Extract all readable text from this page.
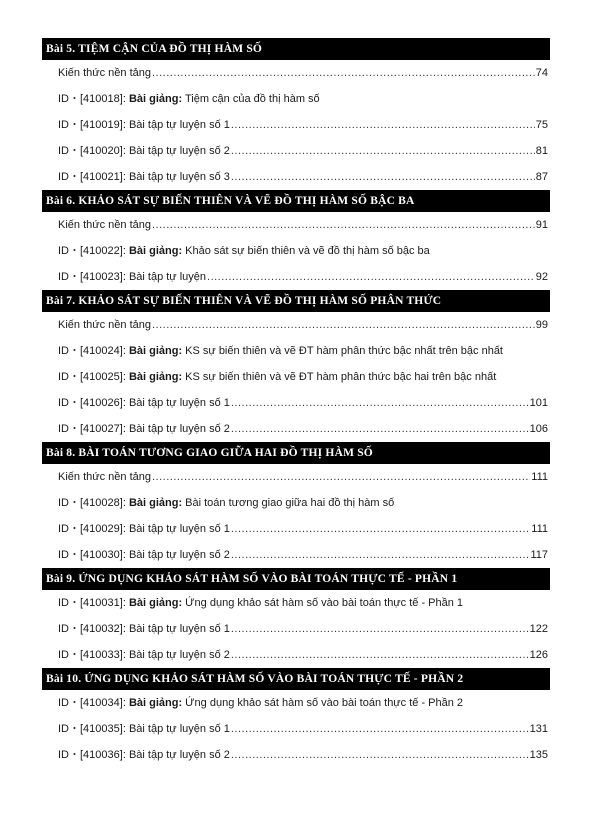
Bài 5. TIỆM CẬN CỦA ĐỒ THỊ HÀM SỐ
Kiến thức nền tảng .....	74
ID・[410018]: Bài giảng: Tiệm cận của đồ thị hàm số
ID・[410019]: Bài tập tự luyện số 1 .....	75
ID・[410020]: Bài tập tự luyện số 2 .....	81
ID・[410021]: Bài tập tự luyện số 3 .....	87
Bài 6. KHẢO SÁT SỰ BIẾN THIÊN VÀ VẼ ĐỒ THỊ HÀM SỐ BẬC BA
Kiến thức nền tảng .....	91
ID・[410022]: Bài giảng: Khảo sát sự biến thiên và vẽ đồ thị hàm số bậc ba
ID・[410023]: Bài tập tự luyện .....	92
Bài 7. KHẢO SÁT SỰ BIẾN THIÊN VÀ VẼ ĐỒ THỊ HÀM SỐ PHÂN THỨC
Kiến thức nền tảng .....	99
ID・[410024]: Bài giảng: KS sự biến thiên và vẽ ĐT hàm phân thức bậc nhất trên bậc nhất
ID・[410025]: Bài giảng: KS sự biến thiên và vẽ ĐT hàm phân thức bậc hai trên bậc nhất
ID・[410026]: Bài tập tự luyện số 1 .....	101
ID・[410027]: Bài tập tự luyện số 2 .....	106
Bài 8. BÀI TOÁN TƯƠNG GIAO GIỮA HAI ĐỒ THỊ HÀM SỐ
Kiến thức nền tảng .....	111
ID・[410028]: Bài giảng: Bài toán tương giao giữa hai đồ thị hàm số
ID・[410029]: Bài tập tự luyện số 1 .....	111
ID・[410030]: Bài tập tự luyện số 2 .....	117
Bài 9. ỨNG DỤNG KHẢO SÁT HÀM SỐ VÀO BÀI TOÁN THỰC TẾ - PHẦN 1
ID・[410031]: Bài giảng: Ứng dụng khảo sát hàm số vào bài toán thực tế - Phần 1
ID・[410032]: Bài tập tự luyện số 1 .....	122
ID・[410033]: Bài tập tự luyện số 2 .....	126
Bài 10. ỨNG DỤNG KHẢO SÁT HÀM SỐ VÀO BÀI TOÁN THỰC TẾ - PHẦN 2
ID・[410034]: Bài giảng: Ứng dụng khảo sát hàm số vào bài toán thực tế - Phần 2
ID・[410035]: Bài tập tự luyện số 1 .....	131
ID・[410036]: Bài tập tự luyện số 2 .....	135
